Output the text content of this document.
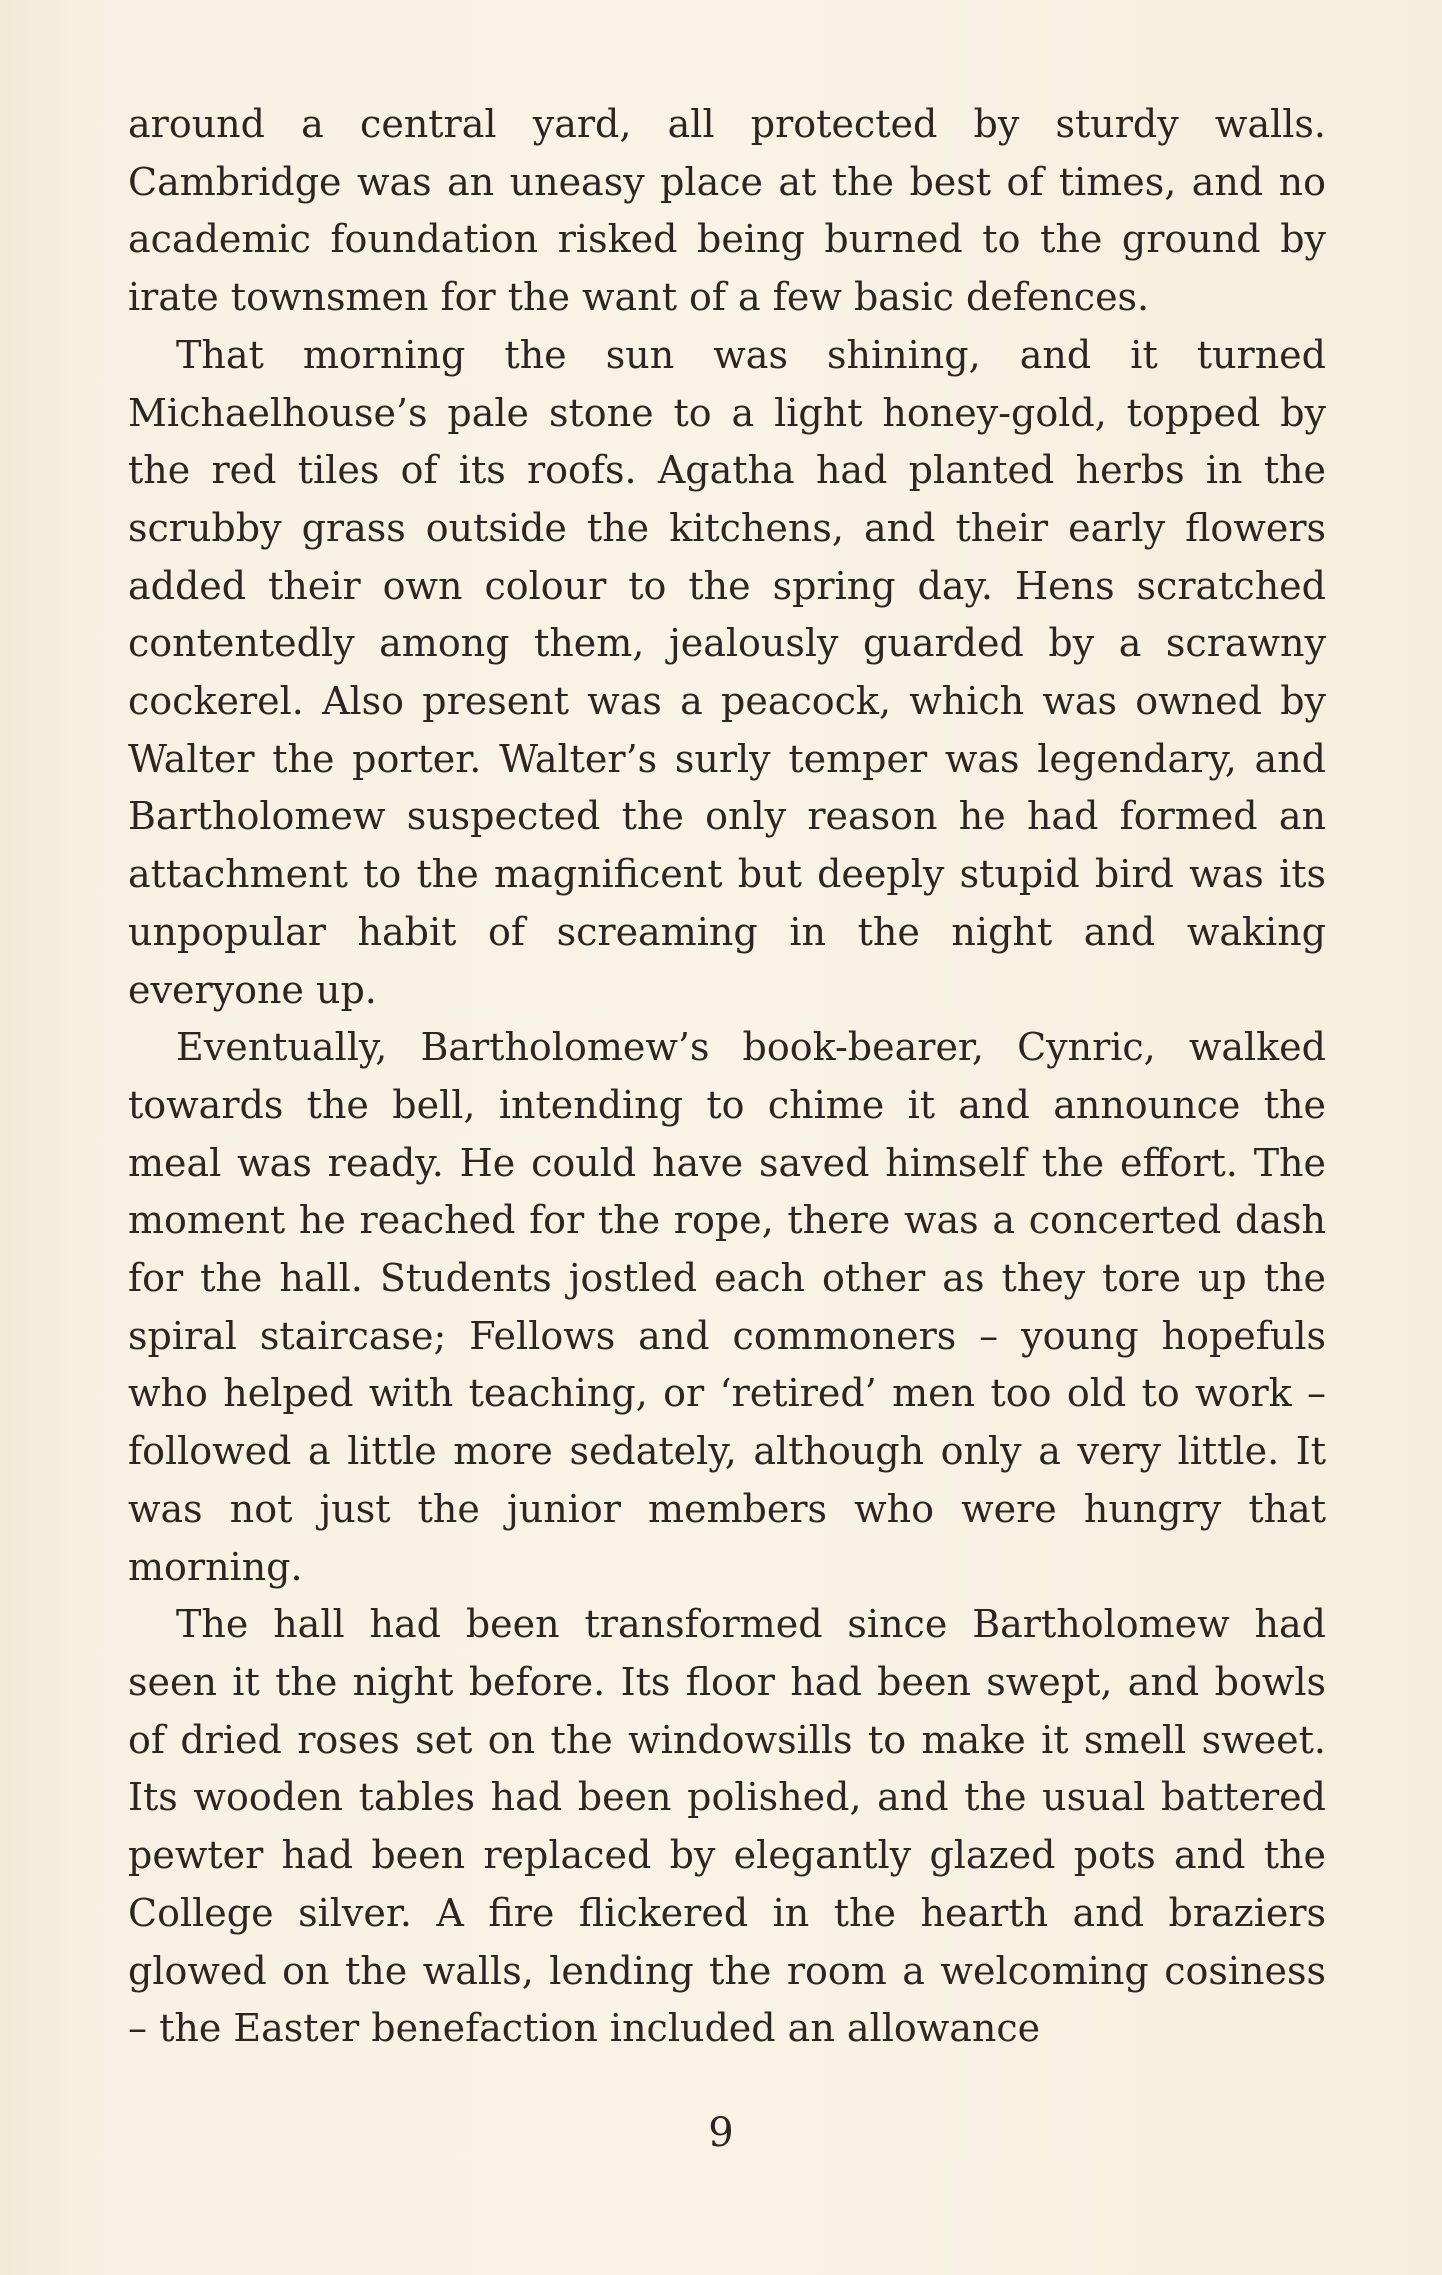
around a central yard, all protected by sturdy walls. Cambridge was an uneasy place at the best of times, and no academic foundation risked being burned to the ground by irate townsmen for the want of a few basic defences.

That morning the sun was shining, and it turned Michaelhouse’s pale stone to a light honey-gold, topped by the red tiles of its roofs. Agatha had planted herbs in the scrubby grass outside the kitchens, and their early flowers added their own colour to the spring day. Hens scratched contentedly among them, jealously guarded by a scrawny cockerel. Also present was a peacock, which was owned by Walter the porter. Walter’s surly temper was legendary, and Bartholomew suspected the only reason he had formed an attachment to the magnificent but deeply stupid bird was its unpopular habit of screaming in the night and waking everyone up.

Eventually, Bartholomew’s book-bearer, Cynric, walked towards the bell, intending to chime it and announce the meal was ready. He could have saved himself the effort. The moment he reached for the rope, there was a concerted dash for the hall. Students jostled each other as they tore up the spiral staircase; Fellows and commoners – young hopefuls who helped with teaching, or ‘retired’ men too old to work – followed a little more sedately, although only a very little. It was not just the junior members who were hungry that morning.

The hall had been transformed since Bartholomew had seen it the night before. Its floor had been swept, and bowls of dried roses set on the windowsills to make it smell sweet. Its wooden tables had been polished, and the usual battered pewter had been replaced by elegantly glazed pots and the College silver. A fire flickered in the hearth and braziers glowed on the walls, lending the room a welcoming cosiness – the Easter benefaction included an allowance

9
